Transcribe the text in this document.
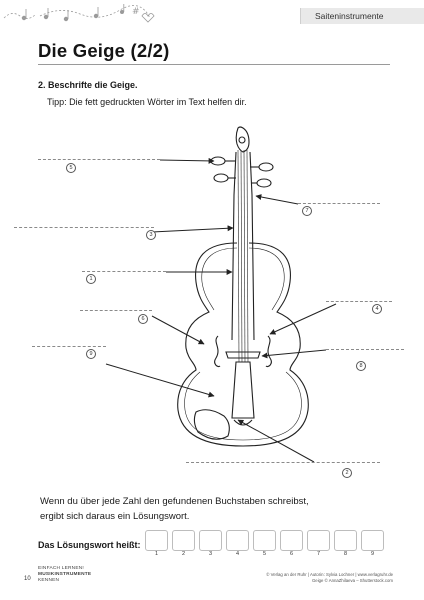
#	Saiteninstrumente
Die Geige (2/2)
2. Beschrifte die Geige.
Tipp: Die fett gedruckten Wörter im Text helfen dir.
5
7
3
1
4
6
9
8
2
Wenn du über jede Zahl den gefundenen Buchstaben schreibst,
ergibt sich daraus ein Lösungswort.
Das Lösungswort heißt:
1	2	3	4	5	6	7	8	9
10
EINFACH LERNEN!
MUSIKINSTRUMENTE
KENNEN
© Verlag an der Ruhr | Autorin: Sylvia Lochner | www.verlagruhr.de
Geige © AnnaZhilaeva – Shutterstock.com
